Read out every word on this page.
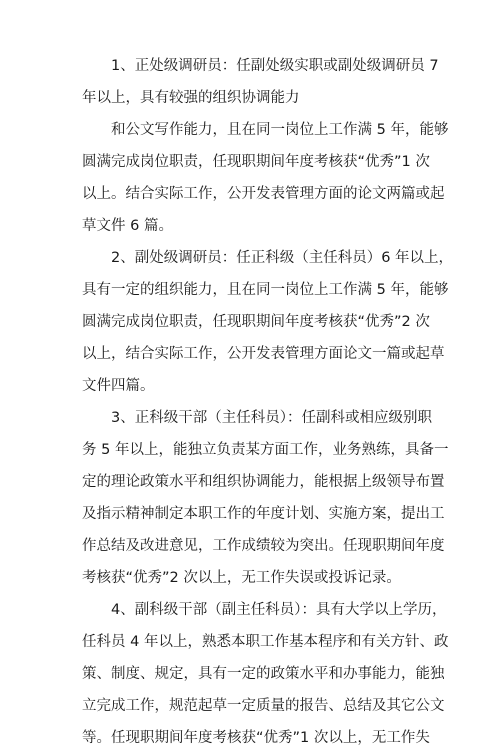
1、正处级调研员：任副处级实职或副处级调研员 7
年以上，具有较强的组织协调能力
和公文写作能力，且在同一岗位上工作满 5 年，能够
圆满完成岗位职责，任现职期间年度考核获“优秀”1 次
以上。结合实际工作，公开发表管理方面的论文两篇或起
草文件 6 篇。
2、副处级调研员：任正科级（主任科员）6 年以上，
具有一定的组织能力，且在同一岗位上工作满 5 年，能够
圆满完成岗位职责，任现职期间年度考核获“优秀”2 次
以上，结合实际工作，公开发表管理方面论文一篇或起草
文件四篇。
3、正科级干部（主任科员）：任副科或相应级别职
务 5 年以上，能独立负责某方面工作，业务熟练，具备一
定的理论政策水平和组织协调能力，能根据上级领导布置
及指示精神制定本职工作的年度计划、实施方案，提出工
作总结及改进意见，工作成绩较为突出。任现职期间年度
考核获“优秀”2 次以上，无工作失误或投诉记录。
4、副科级干部（副主任科员）：具有大学以上学历，
任科员 4 年以上，熟悉本职工作基本程序和有关方针、政
策、制度、规定，具有一定的政策水平和办事能力，能独
立完成工作，规范起草一定质量的报告、总结及其它公文
等。任现职期间年度考核获“优秀”1 次以上，无工作失
